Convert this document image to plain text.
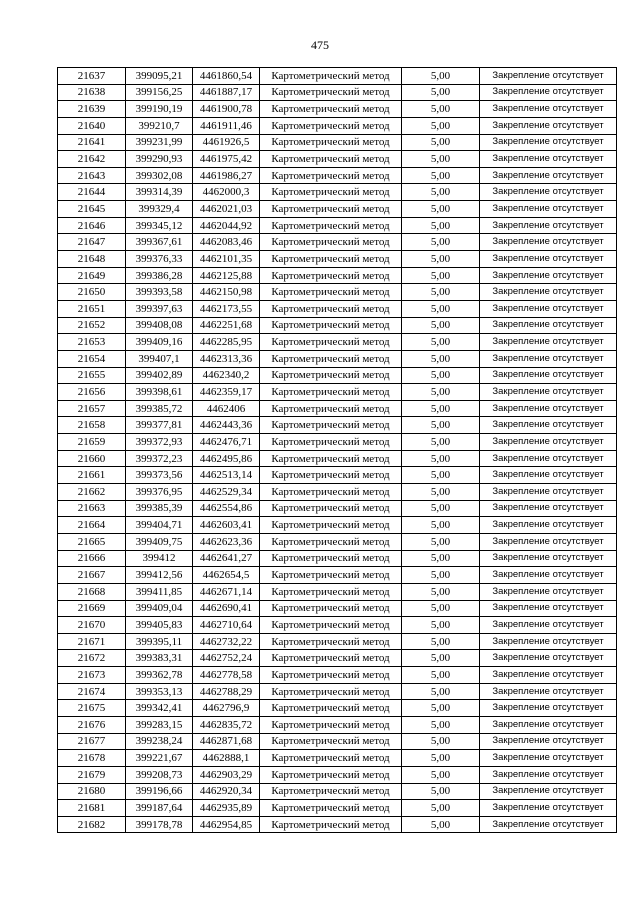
475
21637	399095,21	4461860,54	Картометрический метод	5,00	Закрепление отсутствует
21638	399156,25	4461887,17	Картометрический метод	5,00	Закрепление отсутствует
21639	399190,19	4461900,78	Картометрический метод	5,00	Закрепление отсутствует
21640	399210,7	4461911,46	Картометрический метод	5,00	Закрепление отсутствует
21641	399231,99	4461926,5	Картометрический метод	5,00	Закрепление отсутствует
21642	399290,93	4461975,42	Картометрический метод	5,00	Закрепление отсутствует
21643	399302,08	4461986,27	Картометрический метод	5,00	Закрепление отсутствует
21644	399314,39	4462000,3	Картометрический метод	5,00	Закрепление отсутствует
21645	399329,4	4462021,03	Картометрический метод	5,00	Закрепление отсутствует
21646	399345,12	4462044,92	Картометрический метод	5,00	Закрепление отсутствует
21647	399367,61	4462083,46	Картометрический метод	5,00	Закрепление отсутствует
21648	399376,33	4462101,35	Картометрический метод	5,00	Закрепление отсутствует
21649	399386,28	4462125,88	Картометрический метод	5,00	Закрепление отсутствует
21650	399393,58	4462150,98	Картометрический метод	5,00	Закрепление отсутствует
21651	399397,63	4462173,55	Картометрический метод	5,00	Закрепление отсутствует
21652	399408,08	4462251,68	Картометрический метод	5,00	Закрепление отсутствует
21653	399409,16	4462285,95	Картометрический метод	5,00	Закрепление отсутствует
21654	399407,1	4462313,36	Картометрический метод	5,00	Закрепление отсутствует
21655	399402,89	4462340,2	Картометрический метод	5,00	Закрепление отсутствует
21656	399398,61	4462359,17	Картометрический метод	5,00	Закрепление отсутствует
21657	399385,72	4462406	Картометрический метод	5,00	Закрепление отсутствует
21658	399377,81	4462443,36	Картометрический метод	5,00	Закрепление отсутствует
21659	399372,93	4462476,71	Картометрический метод	5,00	Закрепление отсутствует
21660	399372,23	4462495,86	Картометрический метод	5,00	Закрепление отсутствует
21661	399373,56	4462513,14	Картометрический метод	5,00	Закрепление отсутствует
21662	399376,95	4462529,34	Картометрический метод	5,00	Закрепление отсутствует
21663	399385,39	4462554,86	Картометрический метод	5,00	Закрепление отсутствует
21664	399404,71	4462603,41	Картометрический метод	5,00	Закрепление отсутствует
21665	399409,75	4462623,36	Картометрический метод	5,00	Закрепление отсутствует
21666	399412	4462641,27	Картометрический метод	5,00	Закрепление отсутствует
21667	399412,56	4462654,5	Картометрический метод	5,00	Закрепление отсутствует
21668	399411,85	4462671,14	Картометрический метод	5,00	Закрепление отсутствует
21669	399409,04	4462690,41	Картометрический метод	5,00	Закрепление отсутствует
21670	399405,83	4462710,64	Картометрический метод	5,00	Закрепление отсутствует
21671	399395,11	4462732,22	Картометрический метод	5,00	Закрепление отсутствует
21672	399383,31	4462752,24	Картометрический метод	5,00	Закрепление отсутствует
21673	399362,78	4462778,58	Картометрический метод	5,00	Закрепление отсутствует
21674	399353,13	4462788,29	Картометрический метод	5,00	Закрепление отсутствует
21675	399342,41	4462796,9	Картометрический метод	5,00	Закрепление отсутствует
21676	399283,15	4462835,72	Картометрический метод	5,00	Закрепление отсутствует
21677	399238,24	4462871,68	Картометрический метод	5,00	Закрепление отсутствует
21678	399221,67	4462888,1	Картометрический метод	5,00	Закрепление отсутствует
21679	399208,73	4462903,29	Картометрический метод	5,00	Закрепление отсутствует
21680	399196,66	4462920,34	Картометрический метод	5,00	Закрепление отсутствует
21681	399187,64	4462935,89	Картометрический метод	5,00	Закрепление отсутствует
21682	399178,78	4462954,85	Картометрический метод	5,00	Закрепление отсутствует
